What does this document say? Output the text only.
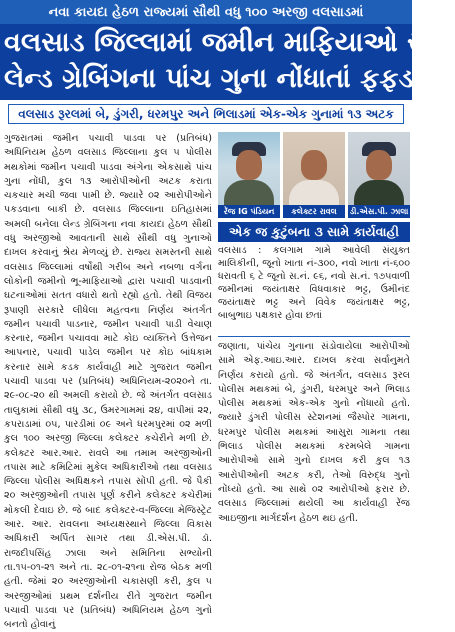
નવા કાયદા હેઠળ રાજ્યમાં સૌથી વધુ ૧૦૦ અરજી વલસાડમાં
વલસાડ જિલ્લામાં જમીન માફિયાઓ સામે
લેન્ડ ગ્રેબિંગના પાંચ ગુના નોંધાતાં ફફડાટ
વલસાડ રૂરલમાં બે, ડુંગરી, ધરમપુર અને ભિલાડમાં એક-એક ગુનામાં ૧૩ અટક

ગુજરાતમાં જમીન પચાવી પાડવા પર (પ્રતિબંધ) અધિનિયમ હેઠળ વલસાડ જિલ્લાના કુલ ૫ પોલીસ મથકોમાં જમીન પચાવી પાડવા અંગેના એકસાથે પાંચ ગુના નોંધી, કુલ ૧૩ આરોપીઓની અટક કરાતા ચકચાર મચી જવા પામી છે. જ્યારે ૦૨ આરોપીઓને પકડવાના બાકી છે. વલસાડ જિલ્લાના ઇતિહાસમાં અમલી બનેલા લેન્ડ ગ્રેબિંગના નવા કાયદા હેઠળ સૌથી વધુ અરજીઓ આવતાની સાથે સૌથી વધુ ગુનાઓ દાખલ કરવાનું શ્રેય મેળવ્યું છે. રાજ્ય સમસ્તની સાથે વલસાડ જિલ્લામાં વર્ષોથી ગરીબ અને નબળા વર્ગના લોકોની જમીનો ભૂ-માફિયાઓ દ્વારા પચાવી પાડવાની ઘટનાઓમાં સતત વધારો થતો રહ્યો હતો. તેથી વિજય રૂપાણી સરકારે લીધેલા મહત્વના નિર્ણય અંતર્ગત જમીન પચાવી પાડનાર, જમીન પચાવી પાડી વેચાણ કરનાર, જમીન પચાવવા માટે કોઇ વ્યક્તિને ઉત્તેજન આપનાર, પચાવી પાડેલ જમીન પર કોઇ બાંધકામ કરનાર સામે કડક કાર્યવાહી માટે ગુજરાત જમીન પચાવી પાડવા પર (પ્રતિબંધ) અધિનિયમ-૨૦૨૦ને તા. ૨૯-૦૮-૨૦ થી અમલી કરાયો છે. જે અંતર્ગત વલસાડ તાલુકામાં સૌથી વધુ ૩૮, ઉમરગામમાં ૨૪, વાપીમાં ૨૨, કપરાડામાં ૦૫, પારડીમાં ૦૯ અને ધરમપુરમાં ૦૨ મળી કુલ ૧૦૦ અરજી જિલ્લા કલેક્ટર કચેરીને મળી છે. કલેક્ટર આર.આર. રાવલે આ તમામ અરજીઓની તપાસ માટે કમિટિમાં મુકેલ અધિકારીઓ તથા વલસાડ જિલ્લા પોલીસ અધિક્ષકને તપાસ સોંપી હતી. જે પૈકી ૨૦ અરજીઓની તપાસ પૂર્ણ કરીને કલેક્ટર કચેરીમાં મોકલી દેવાઇ છે. જે બાદ કલેક્ટર-વ-જિલ્લા મેજિસ્ટ્રેટ આર. આર. રાવલના અધ્યક્ષસ્થાને જિલ્લા વિકાસ અધિકારી અર્પિત સાગર તથા ડી.એસ.પી. ડૉ. રાજદીપસિંહ ઝાલા અને સમિતિના સભ્યોની તા.૧૫-૦૧-૨૧ અને તા. ૨૮-૦૧-૨૧ના રોજ બેઠક મળી હતી. જેમાં ૨૦ અરજીઓની ચકાસણી કરી, કુલ ૫ અરજીઓમાં પ્રથમ દર્શનીય રીતે ગુજરાત જમીન પચાવી પાડવા પર (પ્રતિબંધ) અધિનિયમ હેઠળ ગુનો બનતો હોવાનું

રેંજ IG પંડિયન	કલેક્ટર રાવલ	ડી.એસ.પી. ઝાલા
એક જ કુટુંબના ૩ સામે કાર્યવાહી

વલસાડ : કલગામ ગામે આવેલી સંયુક્ત માલિકીની, જૂનો ખાતા નં-૩૦૦, નવો ખાતા નં-૬૦૦ ધરાવતી ૬ ટે જૂનો સ.નં. ૯૬, નવો સ.નં. ૧૭૫વાળી જમીનમાં જયંતાક્ષર વિધવાકાર ભટ્ટ, ઉમીનંદ જયંતાક્ષર ભટ્ટ અને વિવેક જયંતાક્ષર ભટ્ટ, બાબુભાઇ પક્ષકાર હોવા છતાં

જણાતા, પાંચેય ગુનાના સંડોવાયેલા આરોપીઓ સામે એફ.આઇ.આર. દાખલ કરવા સર્વાનુમતે નિર્ણય કરાયો હતો. જે અંતર્ગત, વલસાડ રૂરલ પોલીસ મથકમાં બે, ડુંગરી, ધરમપુર અને ભિલાડ પોલીસ મથકમાં એક-એક ગુનો નોંધાયો હતો. જ્યારે ડુંગરી પોલીસ સ્ટેશનમાં જૈસ્પોર ગામના, ધરમપુર પોલીસ મથકમાં આસુરા ગામના તથા ભિલાડ પોલીસ મથકમાં કરમબેલે ગામના આરોપીઓ સામે ગુનો દાખલ કરી કુલ ૧૩ આરોપીઓની અટક કરી, તેઓ વિરુદ્ધ ગુનો નોંધ્યો હતો. આ સાથે ૦૨ આરોપીઓ ફરાર છે. વલસાડ જિલ્લામાં થયેલી આ કાર્યવાહી રેંજ આઇજીના માર્ગદર્શન હેઠળ થઇ હતી.
